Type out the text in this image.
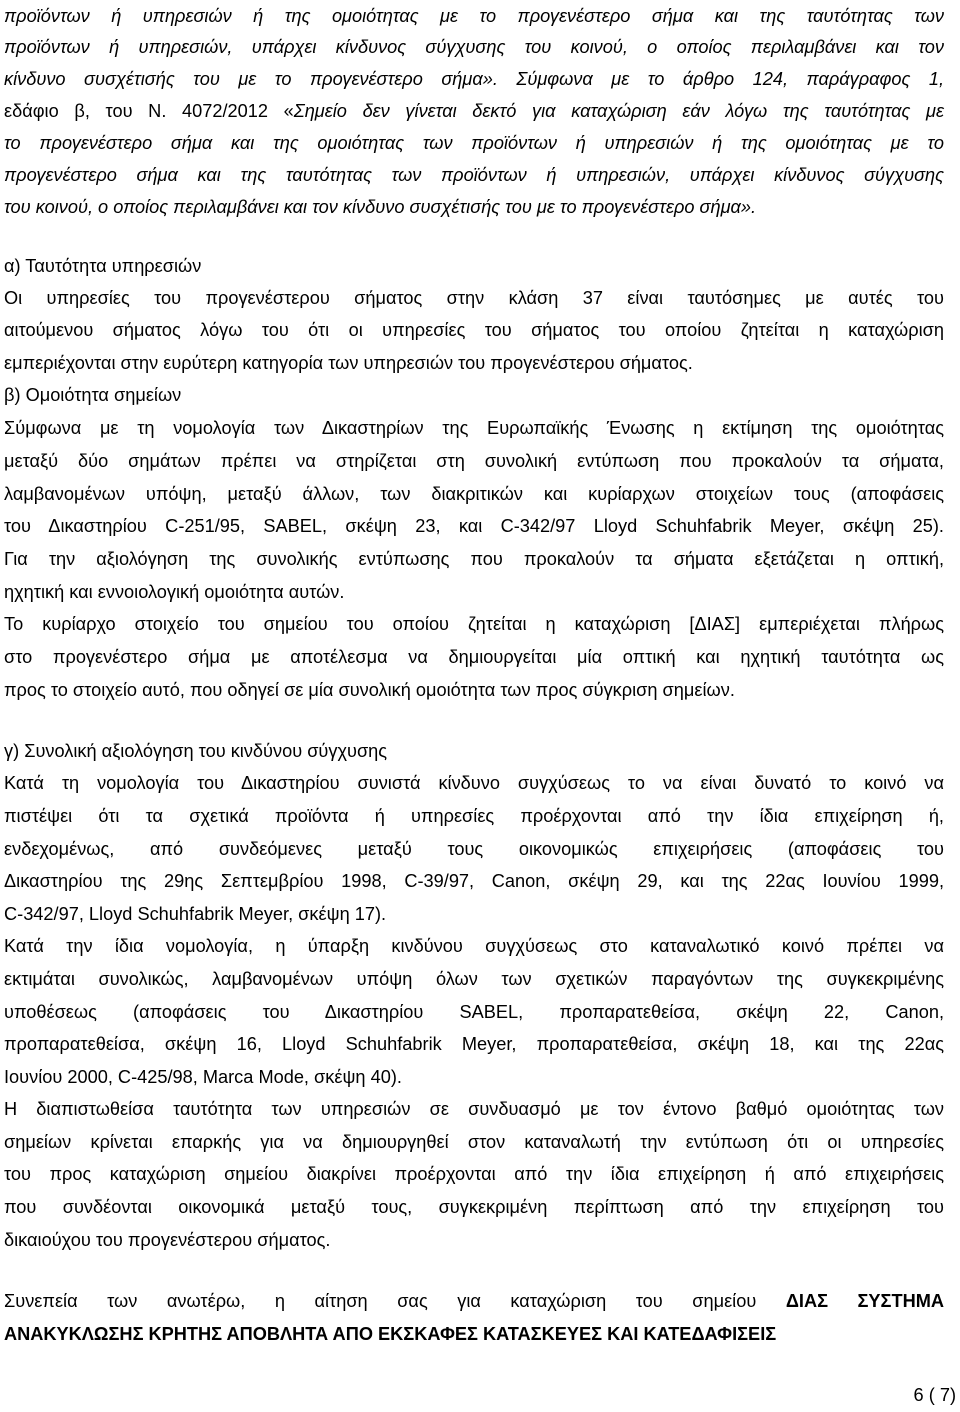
προϊόντων ή υπηρεσιών ή της ομοιότητας με το προγενέστερο σήμα και της ταυτότητας των
προϊόντων ή υπηρεσιών, υπάρχει κίνδυνος σύγχυσης του κοινού, ο οποίος περιλαμβάνει και τον
κίνδυνο συσχέτισής του με το προγενέστερο σήμα». Σύμφωνα με το άρθρο 124, παράγραφος 1,
εδάφιο β, του Ν. 4072/2012 «Σημείο δεν γίνεται δεκτό για καταχώριση εάν λόγω της ταυτότητας με
το προγενέστερο σήμα και της ομοιότητας των προϊόντων ή υπηρεσιών ή της ομοιότητας με το
προγενέστερο σήμα και της ταυτότητας των προϊόντων ή υπηρεσιών, υπάρχει κίνδυνος σύγχυσης
του κοινού, ο οποίος περιλαμβάνει και τον κίνδυνο συσχέτισής του με το προγενέστερο σήμα».
α) Ταυτότητα υπηρεσιών
Οι υπηρεσίες του προγενέστερου σήματος στην κλάση 37 είναι ταυτόσημες με αυτές του
αιτούμενου σήματος λόγω του ότι οι υπηρεσίες του σήματος του οποίου ζητείται η καταχώριση
εμπεριέχονται στην ευρύτερη κατηγορία των υπηρεσιών του προγενέστερου σήματος.
β) Ομοιότητα σημείων
Σύμφωνα με τη νομολογία των Δικαστηρίων της Ευρωπαϊκής Ένωσης η εκτίμηση της ομοιότητας
μεταξύ δύο σημάτων πρέπει να στηρίζεται στη συνολική εντύπωση που προκαλούν τα σήματα,
λαμβανομένων υπόψη, μεταξύ άλλων, των διακριτικών και κυρίαρχων στοιχείων τους (αποφάσεις
του Δικαστηρίου C-251/95, SABEL, σκέψη 23, και C-342/97 Lloyd Schuhfabrik Meyer, σκέψη 25).
Για την αξιολόγηση της συνολικής εντύπωσης που προκαλούν τα σήματα εξετάζεται η οπτική,
ηχητική και εννοιολογική ομοιότητα αυτών.
Το κυρίαρχο στοιχείο του σημείου του οποίου ζητείται η καταχώριση [ΔΙΑΣ] εμπεριέχεται πλήρως
στο προγενέστερο σήμα με αποτέλεσμα να δημιουργείται μία οπτική και ηχητική ταυτότητα ως
προς το στοιχείο αυτό, που οδηγεί σε μία συνολική ομοιότητα των προς σύγκριση σημείων.
γ) Συνολική αξιολόγηση του κινδύνου σύγχυσης
Κατά τη νομολογία του Δικαστηρίου συνιστά κίνδυνο συγχύσεως το να είναι δυνατό το κοινό να
πιστέψει ότι τα σχετικά προϊόντα ή υπηρεσίες προέρχονται από την ίδια επιχείρηση ή,
ενδεχομένως, από συνδεόμενες μεταξύ τους οικονομικώς επιχειρήσεις (αποφάσεις του
Δικαστηρίου της 29ης Σεπτεμβρίου 1998, C-39/97, Canon, σκέψη 29, και της 22ας Ιουνίου 1999,
C-342/97, Lloyd Schuhfabrik Meyer, σκέψη 17).
Κατά την ίδια νομολογία, η ύπαρξη κινδύνου συγχύσεως στο καταναλωτικό κοινό πρέπει να
εκτιμάται συνολικώς, λαμβανομένων υπόψη όλων των σχετικών παραγόντων της συγκεκριμένης
υποθέσεως (αποφάσεις του Δικαστηρίου SABEL, προπαρατεθείσα, σκέψη 22, Canon,
προπαρατεθείσα, σκέψη 16, Lloyd Schuhfabrik Meyer, προπαρατεθείσα, σκέψη 18, και της 22ας
Ιουνίου 2000, C-425/98, Marca Mode, σκέψη 40).
Η διαπιστωθείσα ταυτότητα των υπηρεσιών σε συνδυασμό με τον έντονο βαθμό ομοιότητας των
σημείων κρίνεται επαρκής για να δημιουργηθεί στον καταναλωτή την εντύπωση ότι οι υπηρεσίες
του προς καταχώριση σημείου διακρίνει προέρχονται από την ίδια επιχείρηση ή από επιχειρήσεις
που συνδέονται οικονομικά μεταξύ τους, συγκεκριμένη περίπτωση από την επιχείρηση του
δικαιούχου του προγενέστερου σήματος.
Συνεπεία των ανωτέρω, η αίτηση σας για καταχώριση του σημείου ΔΙΑΣ ΣΥΣΤΗΜΑ
ΑΝΑΚΥΚΛΩΣΗΣ ΚΡΗΤΗΣ ΑΠΟΒΛΗΤΑ ΑΠΟ ΕΚΣΚΑΦΕΣ ΚΑΤΑΣΚΕΥΕΣ ΚΑΙ ΚΑΤΕΔΑΦΙΣΕΙΣ
6 ( 7)
